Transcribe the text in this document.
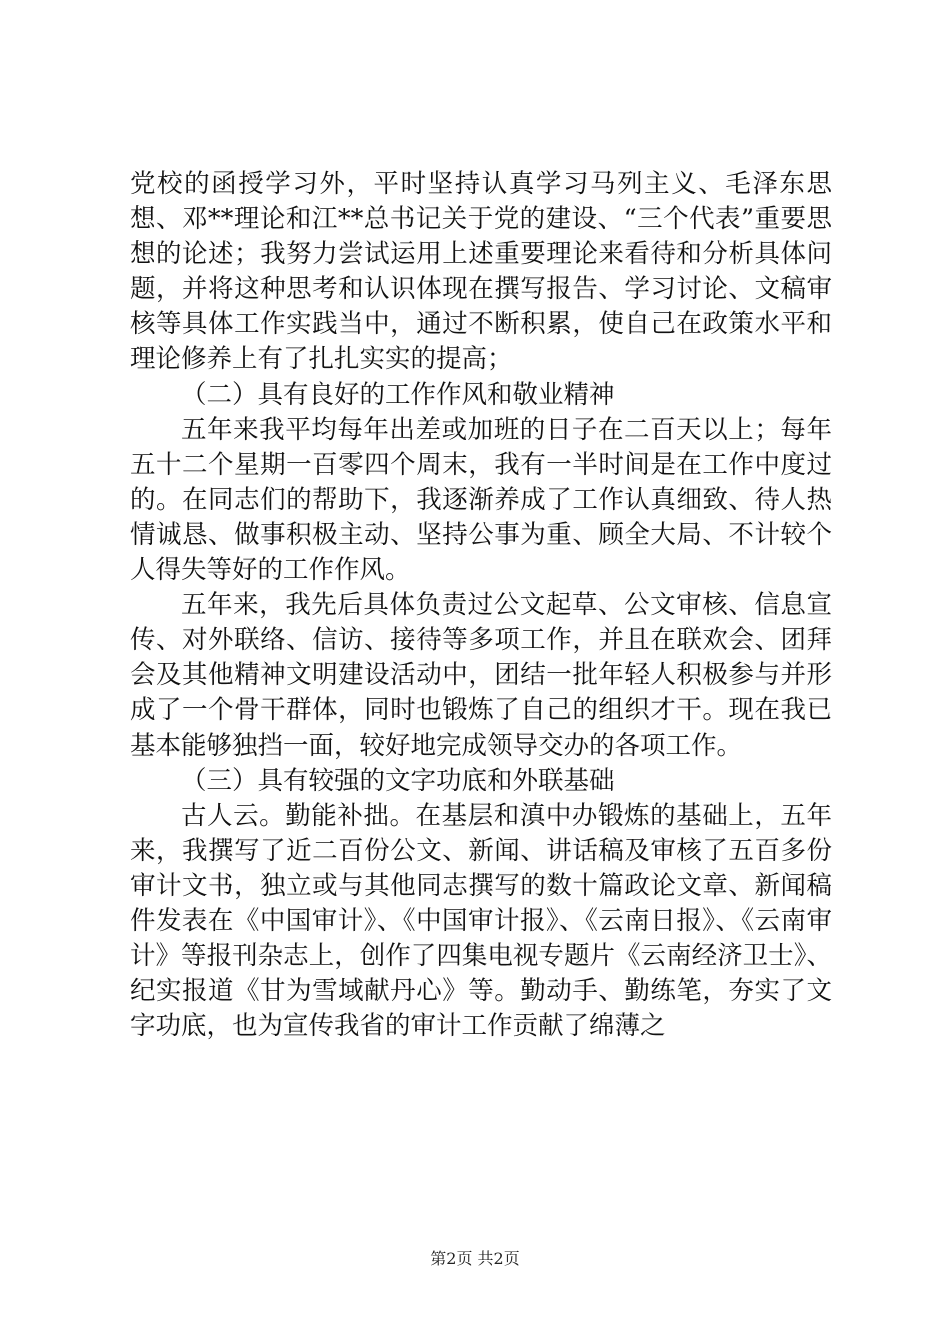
党校的函授学习外，平时坚持认真学习马列主义、毛泽东思想、邓**理论和江**总书记关于党的建设、“三个代表”重要思想的论述；我努力尝试运用上述重要理论来看待和分析具体问题，并将这种思考和认识体现在撰写报告、学习讨论、文稿审核等具体工作实践当中，通过不断积累，使自己在政策水平和理论修养上有了扎扎实实的提高；

（二）具有良好的工作作风和敬业精神

五年来我平均每年出差或加班的日子在二百天以上；每年五十二个星期一百零四个周末，我有一半时间是在工作中度过的。在同志们的帮助下，我逐渐养成了工作认真细致、待人热情诚恳、做事积极主动、坚持公事为重、顾全大局、不计较个人得失等好的工作作风。

五年来，我先后具体负责过公文起草、公文审核、信息宣传、对外联络、信访、接待等多项工作，并且在联欢会、团拜会及其他精神文明建设活动中，团结一批年轻人积极参与并形成了一个骨干群体，同时也锻炼了自己的组织才干。现在我已基本能够独挡一面，较好地完成领导交办的各项工作。

（三）具有较强的文字功底和外联基础

古人云。勤能补拙。在基层和滇中办锻炼的基础上，五年来，我撰写了近二百份公文、新闻、讲话稿及审核了五百多份审计文书，独立或与其他同志撰写的数十篇政论文章、新闻稿件发表在《中国审计》、《中国审计报》、《云南日报》、《云南审计》等报刊杂志上，创作了四集电视专题片《云南经济卫士》、纪实报道《甘为雪域献丹心》等。勤动手、勤练笔，夯实了文字功底，也为宣传我省的审计工作贡献了绵薄之

第2页 共2页
